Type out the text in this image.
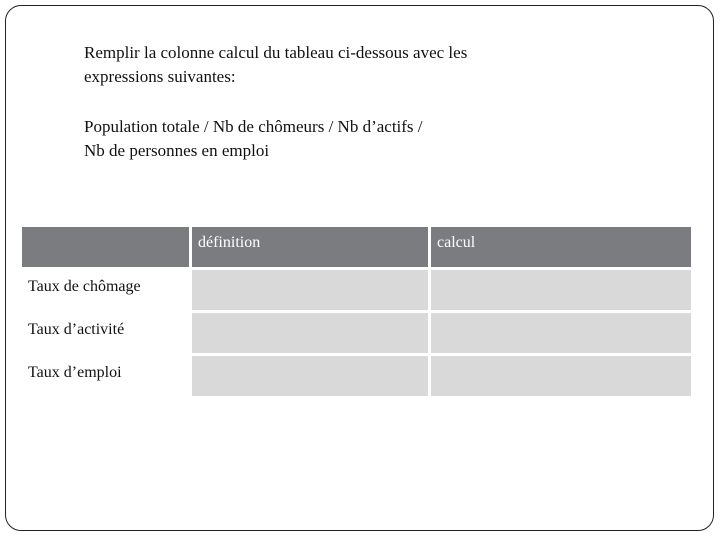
Remplir la colonne calcul du tableau ci-dessous avec les

expressions suivantes:

Population totale / Nb de chômeurs / Nb d’actifs /

Nb de personnes en emploi

	définition	calcul
Taux de chômage		
Taux d’activité		
Taux d’emploi		
